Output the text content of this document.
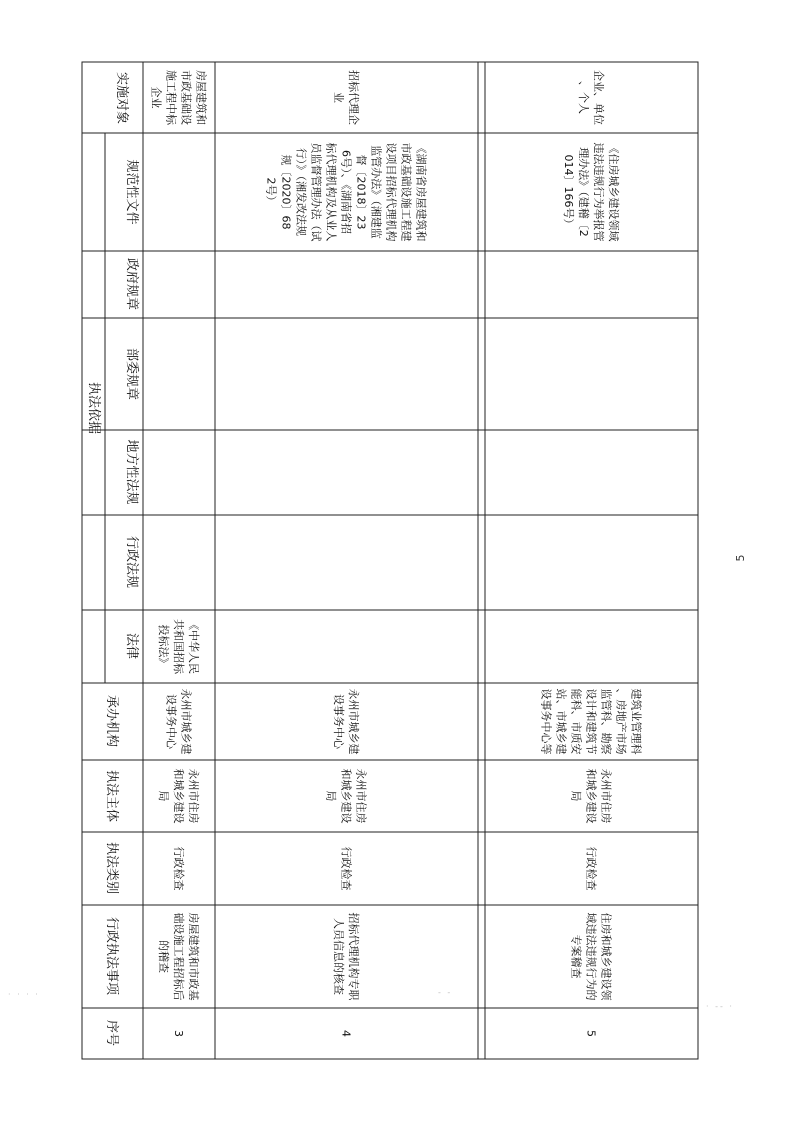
实施对象
规范性文件
政府规章
部委规章
地方性法规
行政法规
法律
执法依据
承办机构
执法主体
执法类别
行政执法事项
序号
房屋建筑和
市政基础设
施工程中标
企业
《中华人民
共和国招标
投标法》
永州市城乡建
设事务中心
永州市住房
和城乡建设
局
行政检查
房屋建筑和市政基
础设施工程招标后
的稽查
3
招标代理企
业
《湖南省房屋建筑和
市政基础设施工程建
设项目招标代理机构
监管办法》（湘建监
督〔2018〕23
6号）、《湖南省招
标代理机构及从业人
员监督管理办法（试
行）》（湘发改法规
规〔2020〕68
2号）
永州市城乡建
设事务中心
永州市住房
和城乡建设
局
行政检查
招标代理机构专职
人员信息的核查
4
企业、单位
、个人
《住房城乡建设领域
违法违规行为举报管
理办法》（建稽〔2
014〕166号）
建筑业管理科
、房地产市场
监管科、勘察
设计和建筑节
能科、市质安
站、市城乡建
设事务中心等
永州市住房
和城乡建设
局
行政检查
住房和城乡建设领
域违法违规行为的
专案稽查
5
5
· · · ·	- -
· -- ·
